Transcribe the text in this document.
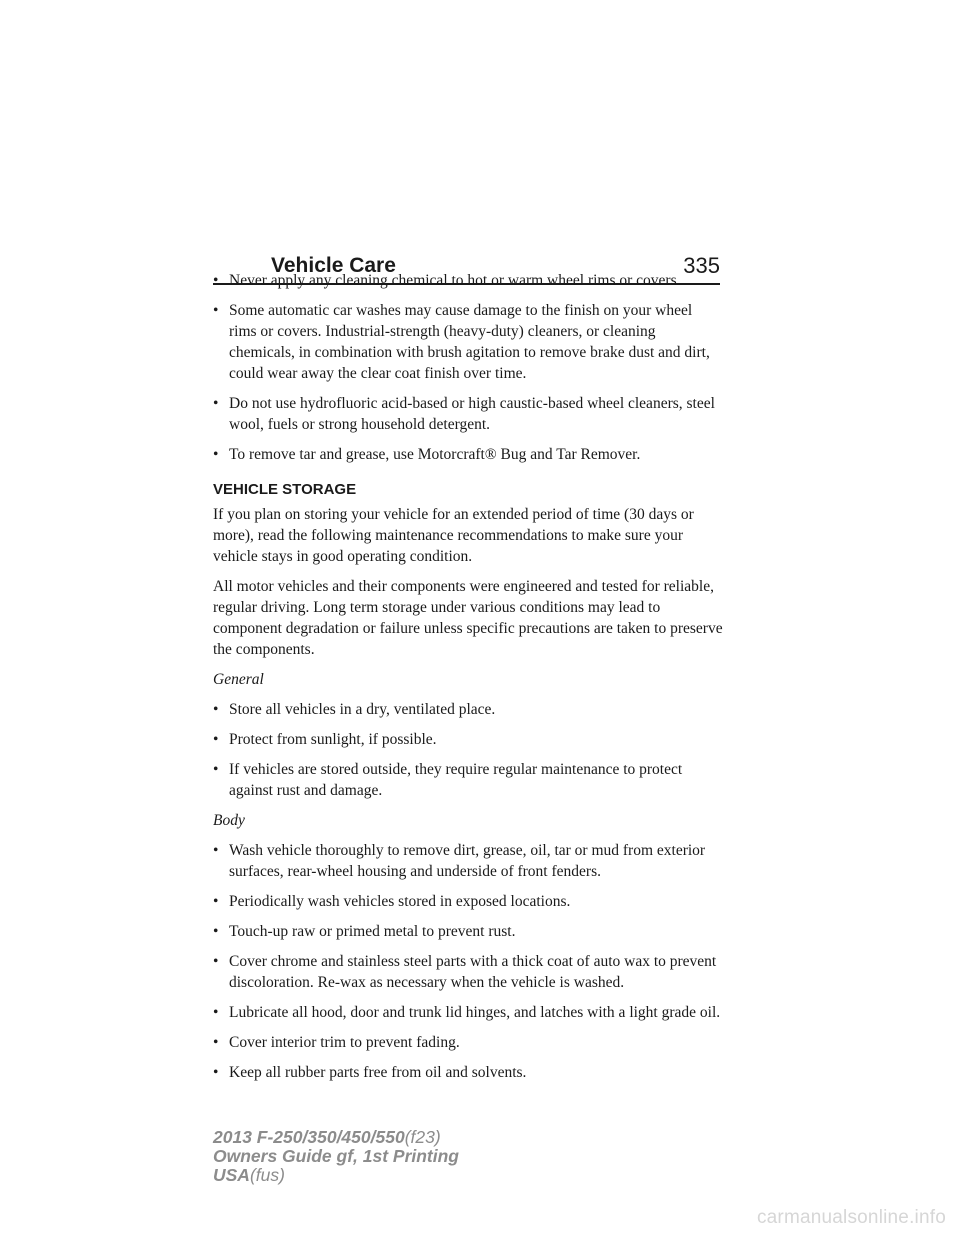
Vehicle Care	335
• Never apply any cleaning chemical to hot or warm wheel rims or covers.
• Some automatic car washes may cause damage to the finish on your wheel rims or covers. Industrial-strength (heavy-duty) cleaners, or cleaning chemicals, in combination with brush agitation to remove brake dust and dirt, could wear away the clear coat finish over time.
• Do not use hydrofluoric acid-based or high caustic-based wheel cleaners, steel wool, fuels or strong household detergent.
• To remove tar and grease, use Motorcraft® Bug and Tar Remover.
VEHICLE STORAGE
If you plan on storing your vehicle for an extended period of time (30 days or more), read the following maintenance recommendations to make sure your vehicle stays in good operating condition.
All motor vehicles and their components were engineered and tested for reliable, regular driving. Long term storage under various conditions may lead to component degradation or failure unless specific precautions are taken to preserve the components.
General
• Store all vehicles in a dry, ventilated place.
• Protect from sunlight, if possible.
• If vehicles are stored outside, they require regular maintenance to protect against rust and damage.
Body
• Wash vehicle thoroughly to remove dirt, grease, oil, tar or mud from exterior surfaces, rear-wheel housing and underside of front fenders.
• Periodically wash vehicles stored in exposed locations.
• Touch-up raw or primed metal to prevent rust.
• Cover chrome and stainless steel parts with a thick coat of auto wax to prevent discoloration. Re-wax as necessary when the vehicle is washed.
• Lubricate all hood, door and trunk lid hinges, and latches with a light grade oil.
• Cover interior trim to prevent fading.
• Keep all rubber parts free from oil and solvents.
2013 F-250/350/450/550(f23)
Owners Guide gf, 1st Printing
USA(fus)
carmanualsonline.info
